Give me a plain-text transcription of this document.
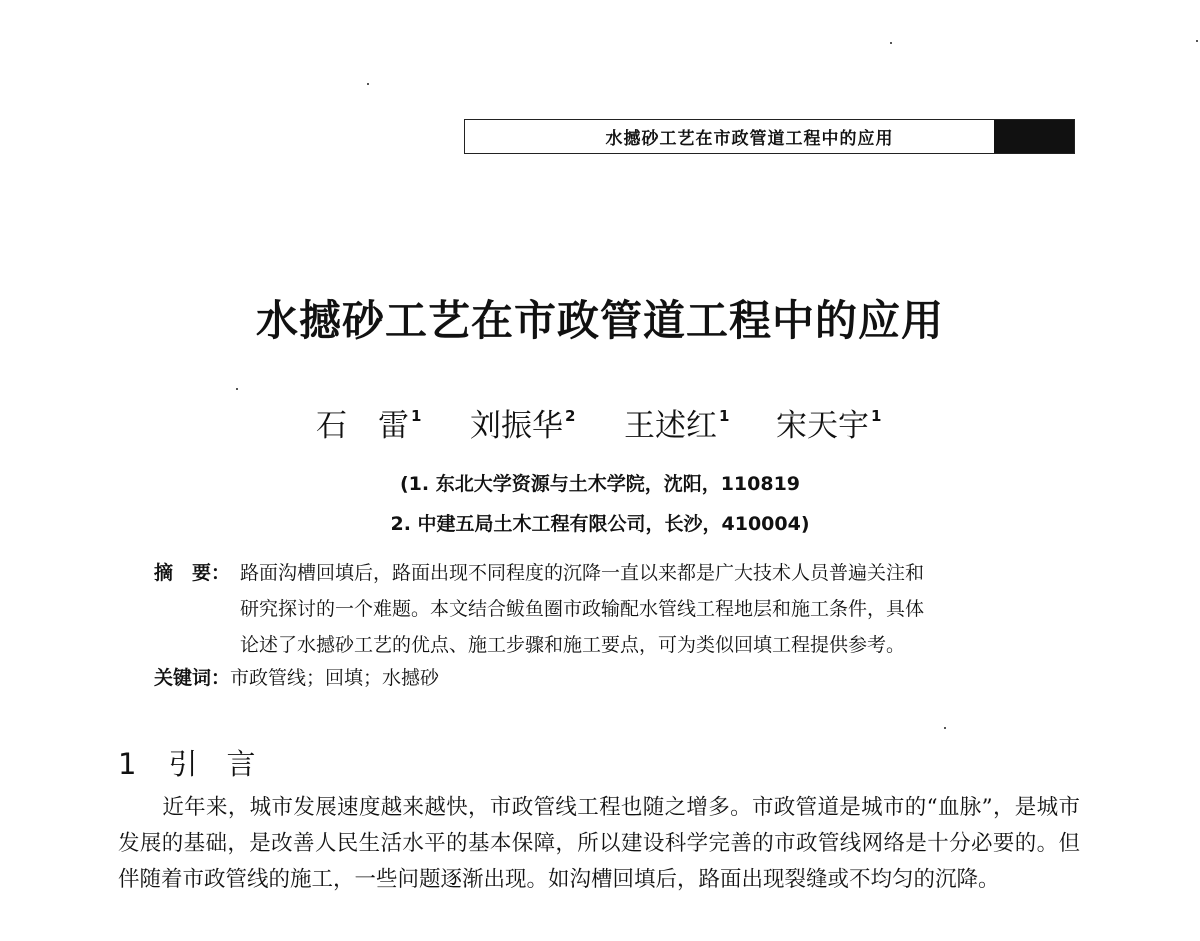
水撼砂工艺在市政管道工程中的应用
水撼砂工艺在市政管道工程中的应用
石　雷 $^1$ 刘振华 $^2$ 王述红 $^1$ 宋天宇 $^1$
(1. 东北大学资源与土木学院，沈阳，110819
2. 中建五局土木工程有限公司，长沙，410004)
摘　要： 路面沟槽回填后，路面出现不同程度的沉降一直以来都是广大技术人员普遍关注和
研究探讨的一个难题。本文结合鲅鱼圈市政输配水管线工程地层和施工条件，具体
论述了水撼砂工艺的优点、施工步骤和施工要点，可为类似回填工程提供参考。
关键词：市政管线；回填；水撼砂
1 引　言
近年来，城市发展速度越来越快，市政管线工程也随之增多。市政管道是城市的“血脉”，是城市发展的基础，是改善人民生活水平的基本保障，所以建设科学完善的市政管线网络是十分必要的。但伴随着市政管线的施工，一些问题逐渐出现。如沟槽回填后，路面出现裂缝或不均匀的沉降。
